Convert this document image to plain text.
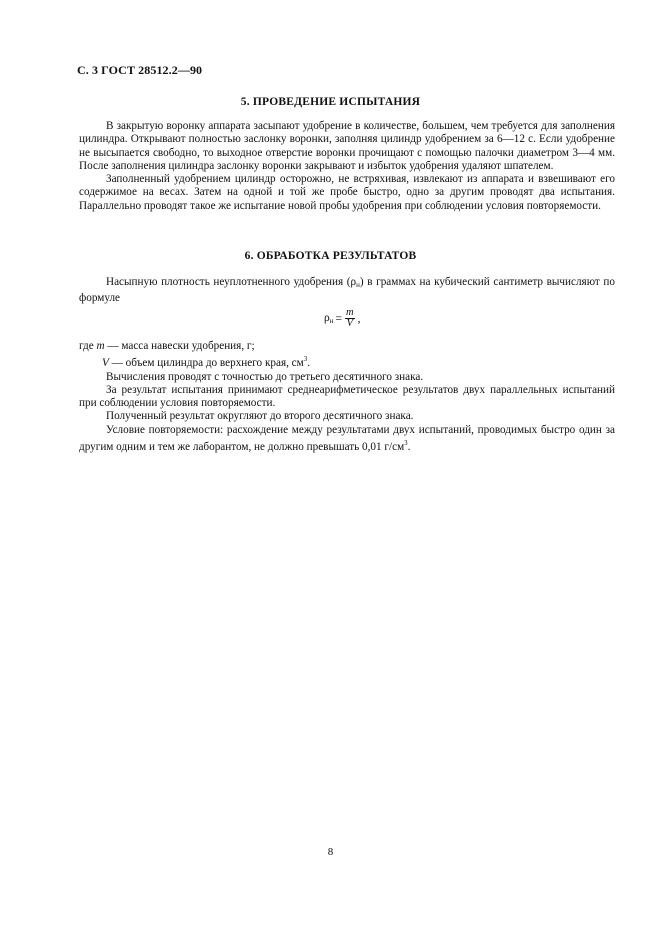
С. 3 ГОСТ 28512.2—90
5. ПРОВЕДЕНИЕ ИСПЫТАНИЯ

В закрытую воронку аппарата засыпают удобрение в количестве, большем, чем требуется для заполнения цилиндра. Открывают полностью заслонку воронки, заполняя цилиндр удобрением за 6—12 с. Если удобрение не высыпается свободно, то выходное отверстие воронки прочищают с помощью палочки диаметром 3—4 мм. После заполнения цилиндра заслонку воронки закрывают и избыток удобрения удаляют шпателем.

Заполненный удобрением цилиндр осторожно, не встряхивая, извлекают из аппарата и взвешивают его содержимое на весах. Затем на одной и той же пробе быстро, одно за другим проводят два испытания. Параллельно проводят такое же испытание новой пробы удобрения при соблюдении условия повторяемости.

6. ОБРАБОТКА РЕЗУЛЬТАТОВ

Насыпную плотность неуплотненного удобрения $(\rho_н)$ в граммах на кубический сантиметр вычисляют по формуле

$\rho_н = \frac{m}{V}$ ,

где m — масса навески удобрения, г;

V — объем цилиндра до верхнего края, $см^3$.

Вычисления проводят с точностью до третьего десятичного знака.

За результат испытания принимают среднеарифметическое результатов двух параллельных испытаний при соблюдении условия повторяемости.

Полученный результат округляют до второго десятичного знака.

Условие повторяемости: расхождение между результатами двух испытаний, проводимых быстро один за другим одним и тем же лаборантом, не должно превышать 0,01 $г/см^3$.

8
